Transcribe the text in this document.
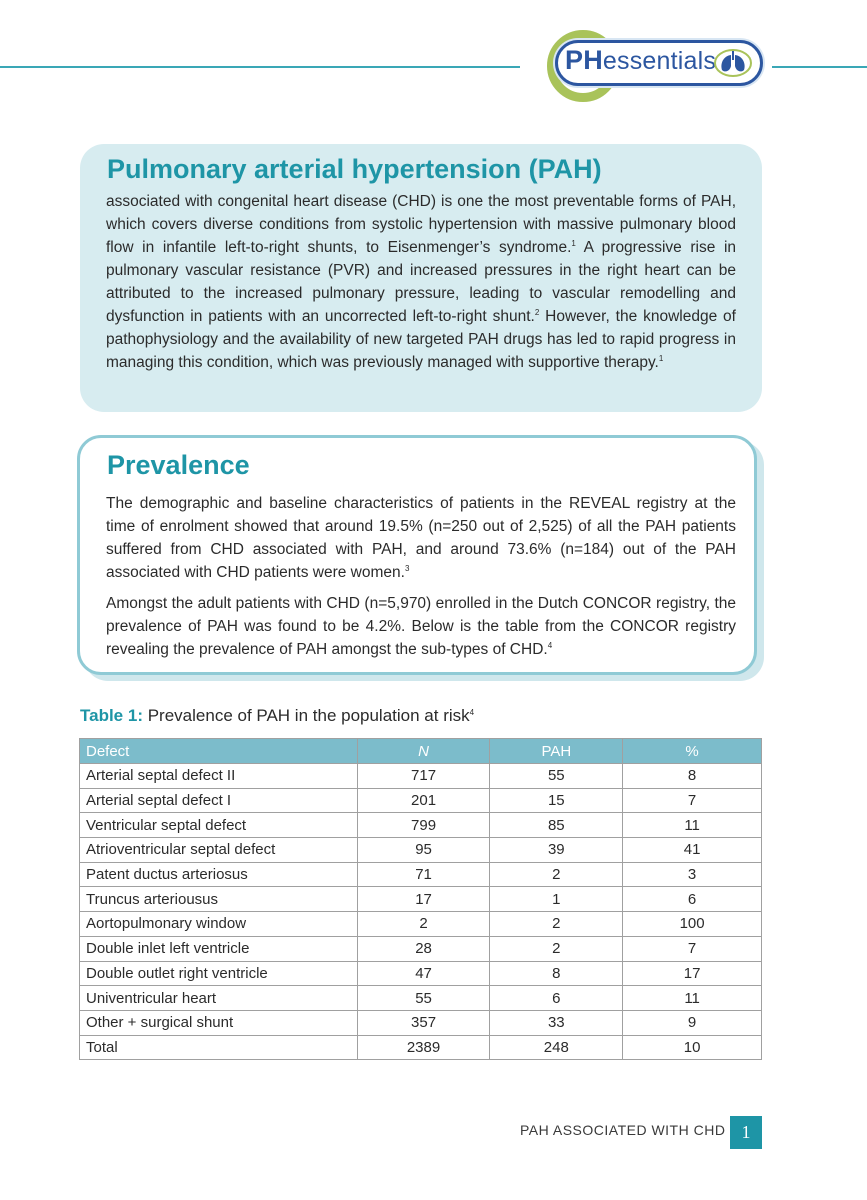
PHessentials
Pulmonary arterial hypertension (PAH)

associated with congenital heart disease (CHD) is one the most preventable forms of PAH, which covers diverse conditions from systolic hypertension with massive pulmonary blood flow in infantile left-to-right shunts, to Eisenmenger’s syndrome.$^1$ A progressive rise in pulmonary vascular resistance (PVR) and increased pressures in the right heart can be attributed to the increased pulmonary pressure, leading to vascular remodelling and dysfunction in patients with an uncorrected left-to-right shunt.$^2$ However, the knowledge of pathophysiology and the availability of new targeted PAH drugs has led to rapid progress in managing this condition, which was previously managed with supportive therapy.$^1$

Prevalence

The demographic and baseline characteristics of patients in the REVEAL registry at the time of enrolment showed that around 19.5% (n=250 out of 2,525) of all the PAH patients suffered from CHD associated with PAH, and around 73.6% (n=184) out of the PAH associated with CHD patients were women.$^3$

Amongst the adult patients with CHD (n=5,970) enrolled in the Dutch CONCOR registry, the prevalence of PAH was found to be 4.2%. Below is the table from the CONCOR registry revealing the prevalence of PAH amongst the sub-types of CHD.$^4$

Table 1: Prevalence of PAH in the population at risk$^4$
Defect	N	PAH	%
Arterial septal defect II	717	55	8
Arterial septal defect I	201	15	7
Ventricular septal defect	799	85	11
Atrioventricular septal defect	95	39	41
Patent ductus arteriosus	71	2	3
Truncus arteriousus	17	1	6
Aortopulmonary window	2	2	100
Double inlet left ventricle	28	2	7
Double outlet right ventricle	47	8	17
Univentricular heart	55	6	11
Other + surgical shunt	357	33	9
Total	2389	248	10
PAH ASSOCIATED WITH CHD 1
